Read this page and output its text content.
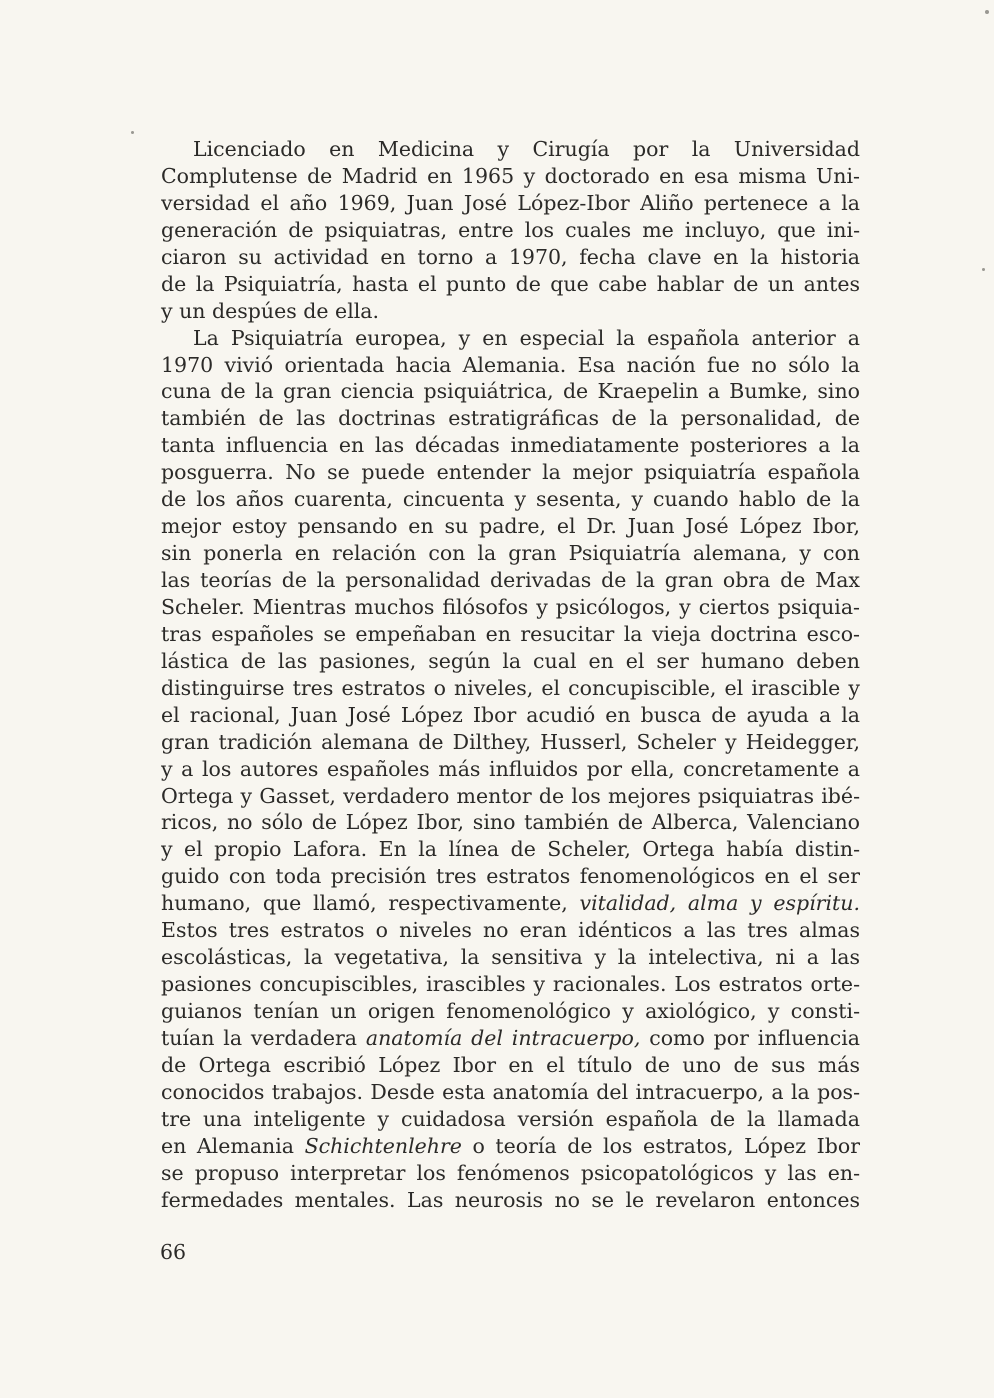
Licenciado en Medicina y Cirugía por la Universidad
Complutense de Madrid en 1965 y doctorado en esa misma Uni-
versidad el año 1969, Juan José López-Ibor Aliño pertenece a la
generación de psiquiatras, entre los cuales me incluyo, que ini-
ciaron su actividad en torno a 1970, fecha clave en la historia
de la Psiquiatría, hasta el punto de que cabe hablar de un antes
y un despúes de ella.
La Psiquiatría europea, y en especial la española anterior a
1970 vivió orientada hacia Alemania. Esa nación fue no sólo la
cuna de la gran ciencia psiquiátrica, de Kraepelin a Bumke, sino
también de las doctrinas estratigráficas de la personalidad, de
tanta influencia en las décadas inmediatamente posteriores a la
posguerra. No se puede entender la mejor psiquiatría española
de los años cuarenta, cincuenta y sesenta, y cuando hablo de la
mejor estoy pensando en su padre, el Dr. Juan José López Ibor,
sin ponerla en relación con la gran Psiquiatría alemana, y con
las teorías de la personalidad derivadas de la gran obra de Max
Scheler. Mientras muchos filósofos y psicólogos, y ciertos psiquia-
tras españoles se empeñaban en resucitar la vieja doctrina esco-
lástica de las pasiones, según la cual en el ser humano deben
distinguirse tres estratos o niveles, el concupiscible, el irascible y
el racional, Juan José López Ibor acudió en busca de ayuda a la
gran tradición alemana de Dilthey, Husserl, Scheler y Heidegger,
y a los autores españoles más influidos por ella, concretamente a
Ortega y Gasset, verdadero mentor de los mejores psiquiatras ibé-
ricos, no sólo de López Ibor, sino también de Alberca, Valenciano
y el propio Lafora. En la línea de Scheler, Ortega había distin-
guido con toda precisión tres estratos fenomenológicos en el ser
humano, que llamó, respectivamente, vitalidad, alma y espíritu.
Estos tres estratos o niveles no eran idénticos a las tres almas
escolásticas, la vegetativa, la sensitiva y la intelectiva, ni a las
pasiones concupiscibles, irascibles y racionales. Los estratos orte-
guianos tenían un origen fenomenológico y axiológico, y consti-
tuían la verdadera anatomía del intracuerpo, como por influencia
de Ortega escribió López Ibor en el título de uno de sus más
conocidos trabajos. Desde esta anatomía del intracuerpo, a la pos-
tre una inteligente y cuidadosa versión española de la llamada
en Alemania Schichtenlehre o teoría de los estratos, López Ibor
se propuso interpretar los fenómenos psicopatológicos y las en-
fermedades mentales. Las neurosis no se le revelaron entonces
66
